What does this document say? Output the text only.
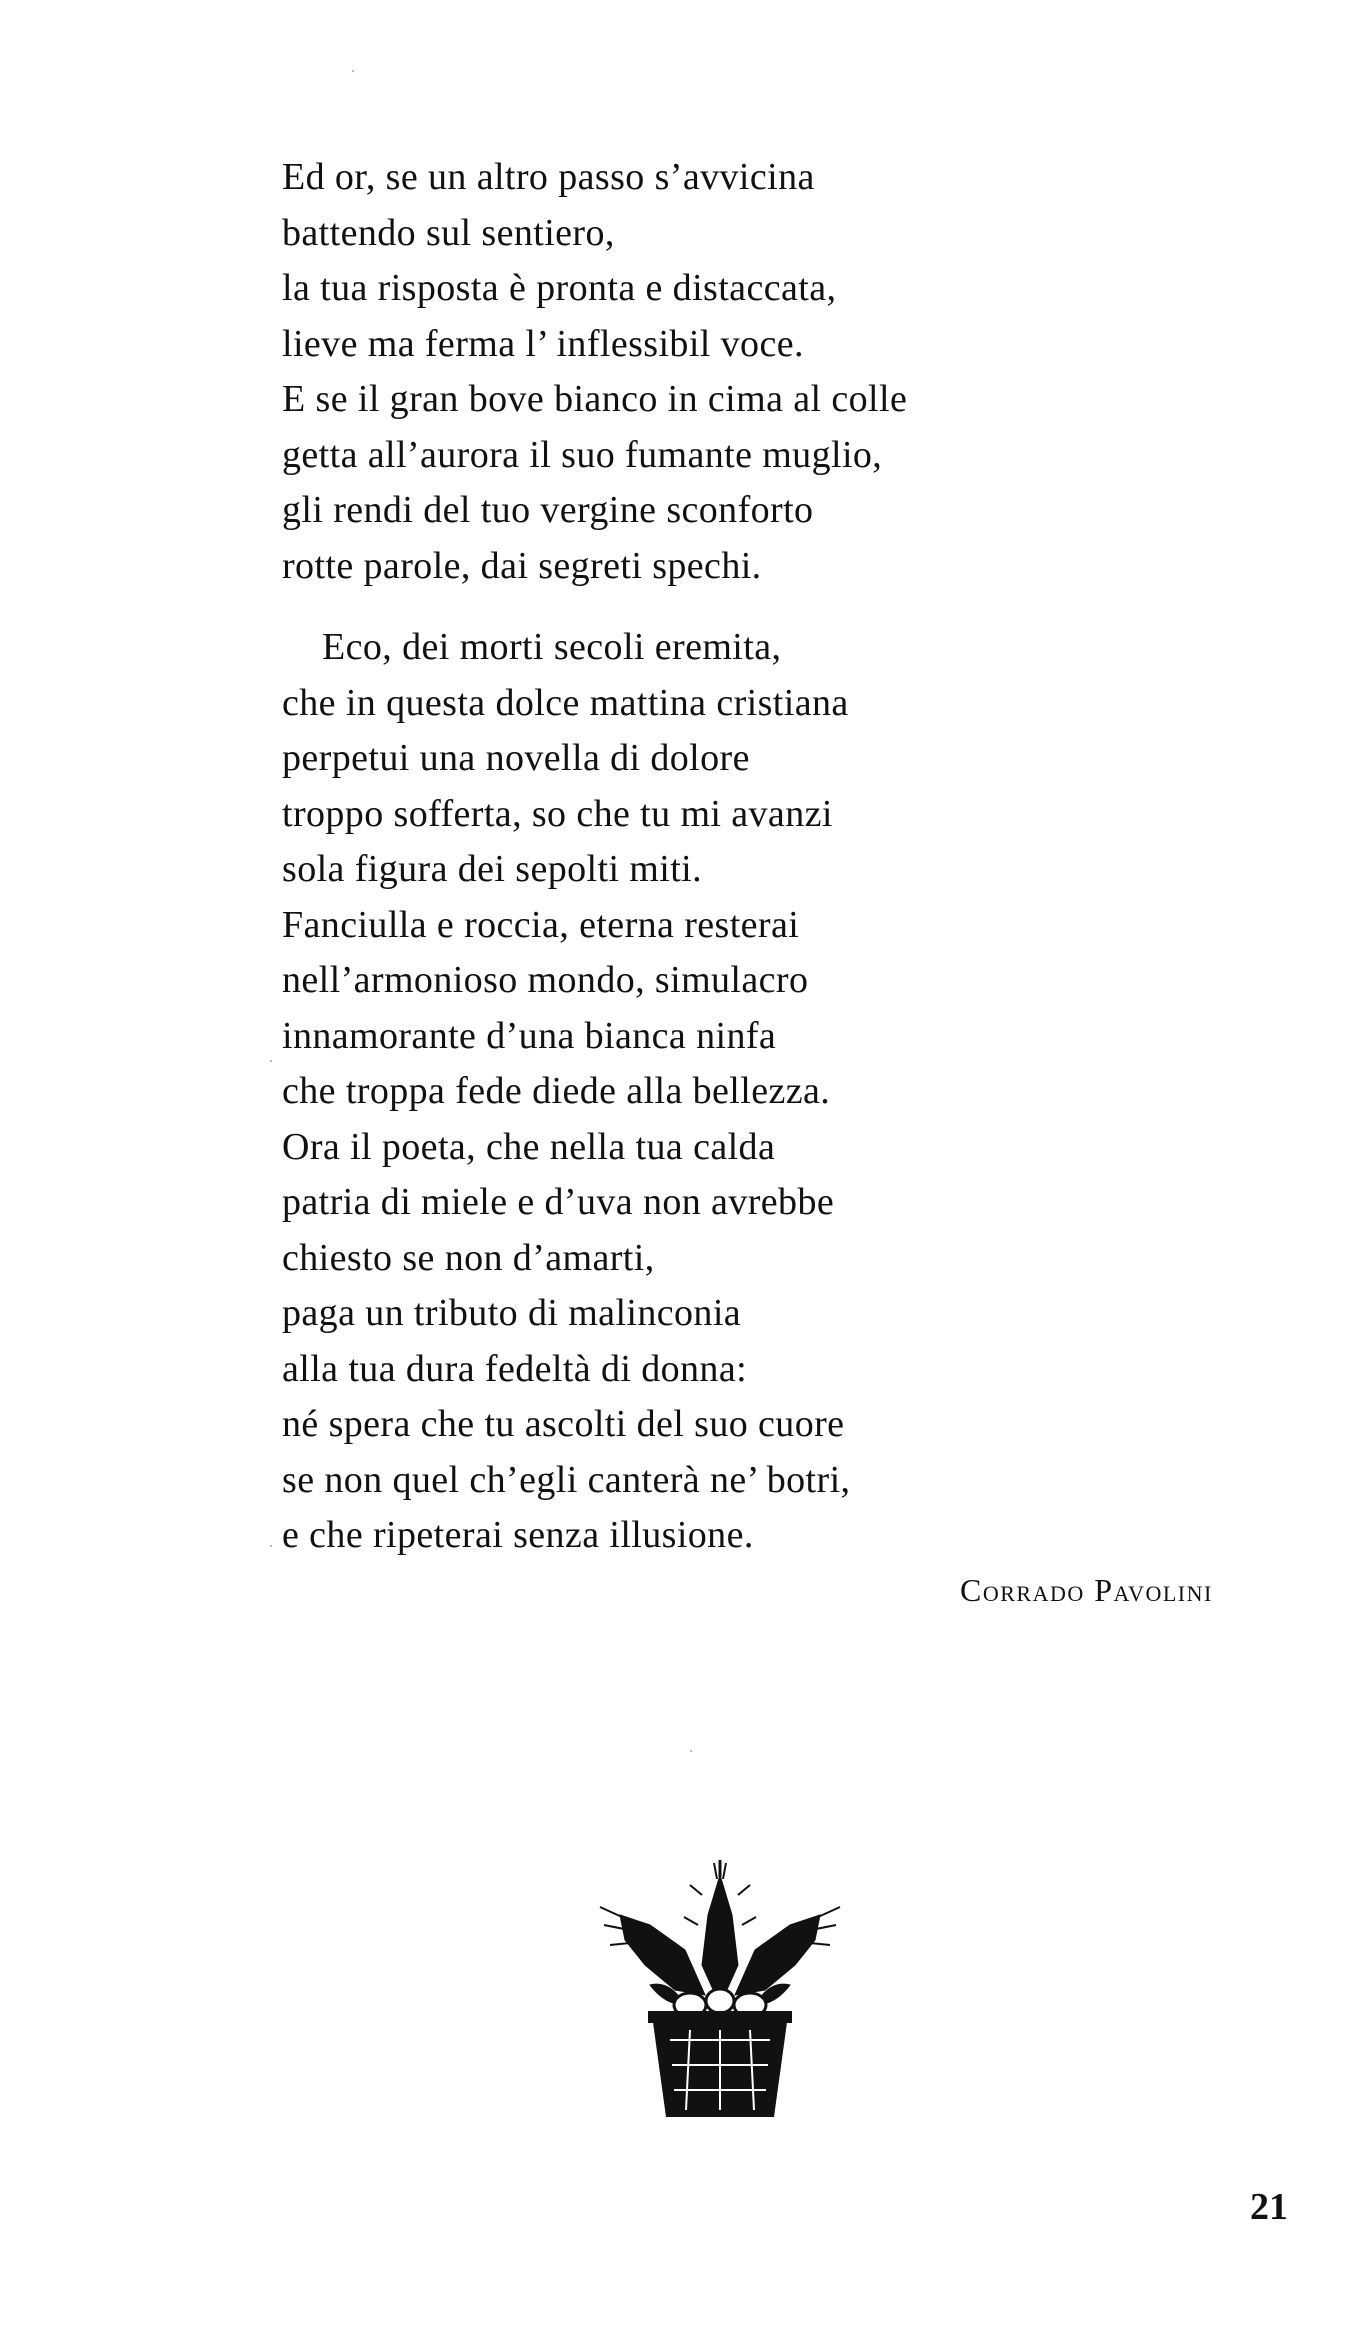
Ed or, se un altro passo s’avvicina
battendo sul sentiero,
la tua risposta è pronta e distaccata,
lieve ma ferma l’ inflessibil voce.
E se il gran bove bianco in cima al colle
getta all’aurora il suo fumante muglio,
gli rendi del tuo vergine sconforto
rotte parole, dai segreti spechi.
Eco, dei morti secoli eremita,
che in questa dolce mattina cristiana
perpetui una novella di dolore
troppo sofferta, so che tu mi avanzi
sola figura dei sepolti miti.
Fanciulla e roccia, eterna resterai
nell’armonioso mondo, simulacro
innamorante d’una bianca ninfa
che troppa fede diede alla bellezza.
Ora il poeta, che nella tua calda
patria di miele e d’uva non avrebbe
chiesto se non d’amarti,
paga un tributo di malinconia
alla tua dura fedeltà di donna:
né spera che tu ascolti del suo cuore
se non quel ch’egli canterà ne’ botri,
e che ripeterai senza illusione.
Corrado Pavolini
21
